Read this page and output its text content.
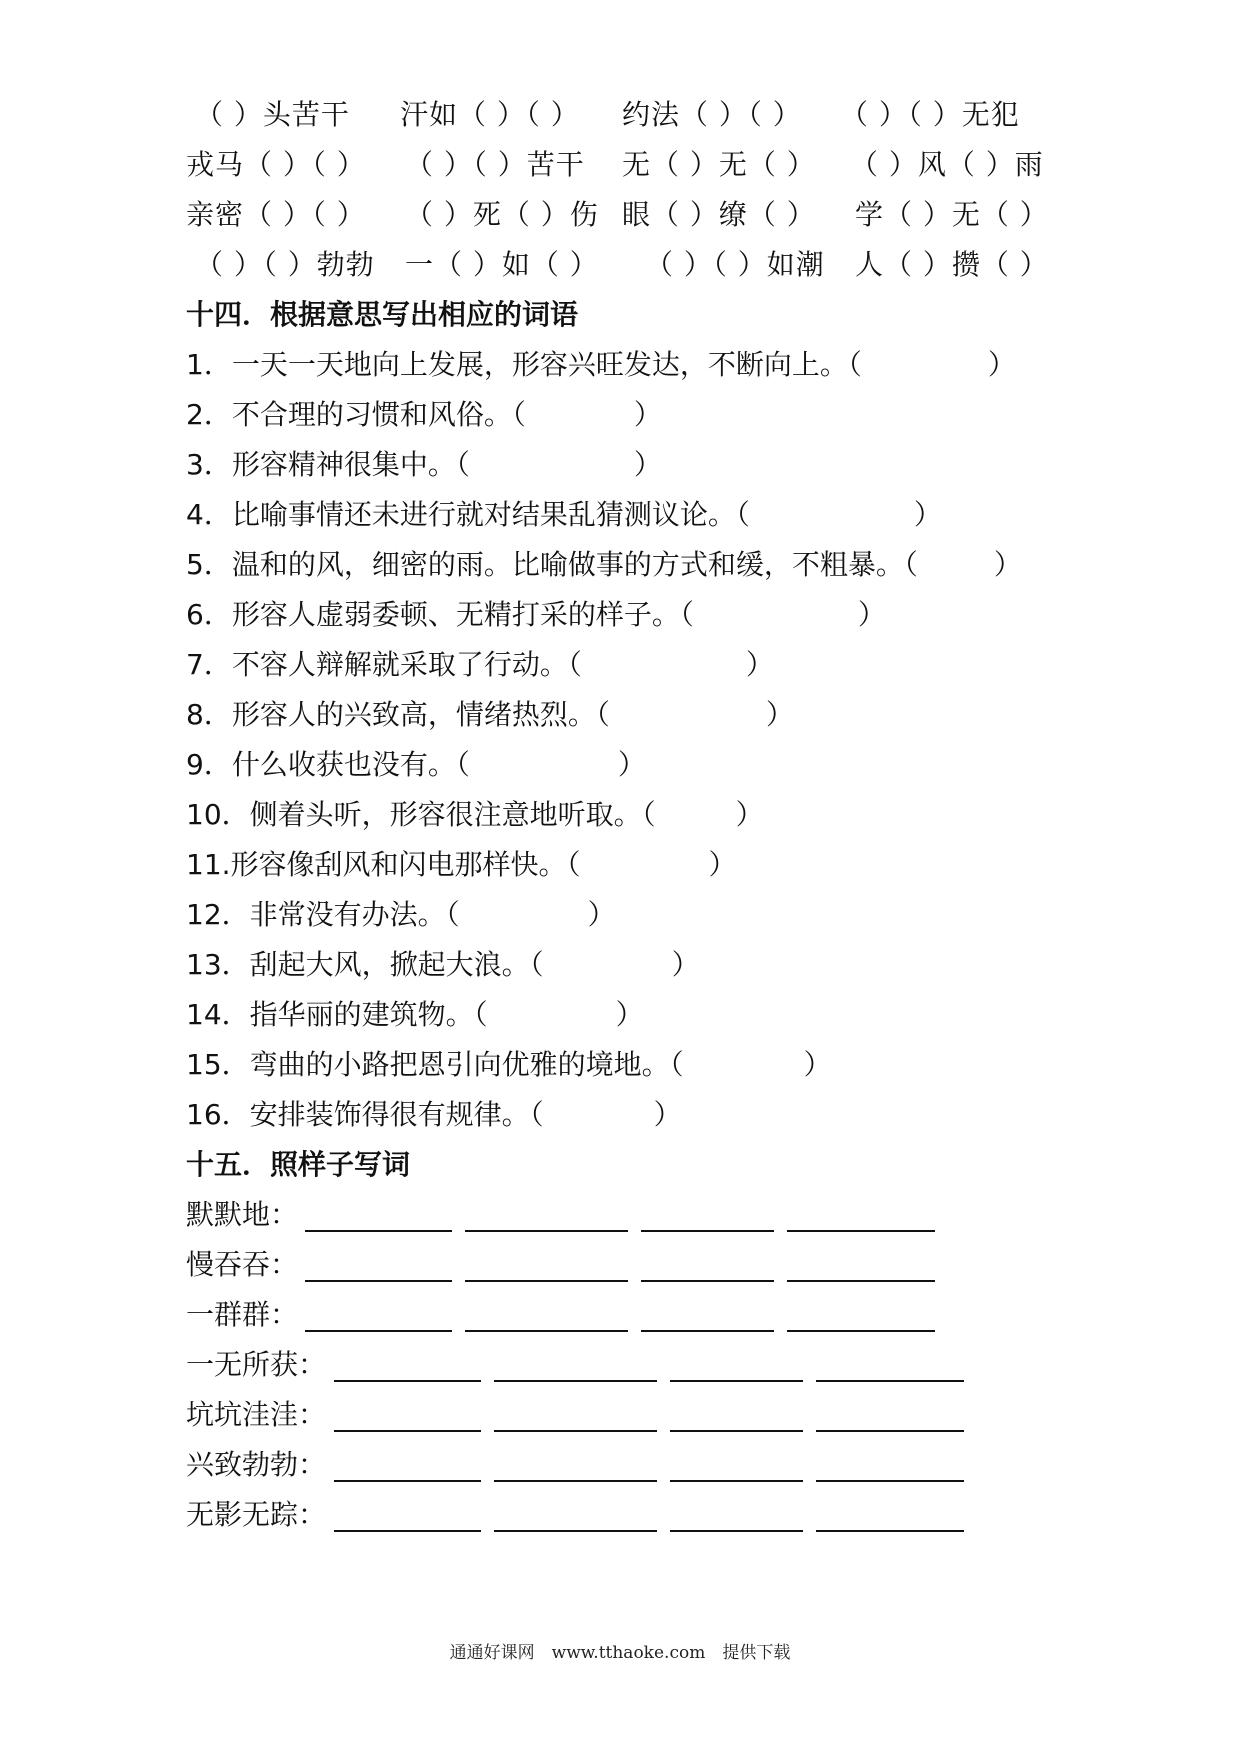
（ ）头苦干 汗如（ ）（ ） 约法（ ）（ ） （ ）（ ）无犯
戎马（ ）（ ） （ ）（ ）苦干 无（ ）无（ ） （ ）风（ ）雨
亲密（ ）（ ） （ ）死（ ）伤 眼（ ）缭（ ） 学（ ）无（ ）
（ ）（ ）勃勃 一（ ）如（ ） （ ）（ ）如潮 人（ ）攒（ ）
十四．根据意思写出相应的词语
1．一天一天地向上发展，形容兴旺发达，不断向上。（	）
2．不合理的习惯和风俗。（	）
3．形容精神很集中。（	）
4．比喻事情还未进行就对结果乱猜测议论。（	）
5．温和的风，细密的雨。比喻做事的方式和缓，不粗暴。（	）
6．形容人虚弱委顿、无精打采的样子。（	）
7．不容人辩解就采取了行动。（	）
8．形容人的兴致高，情绪热烈。（	）
9．什么收获也没有。（	）
10．侧着头听，形容很注意地听取。（	）
11.形容像刮风和闪电那样快。（	）
12．非常没有办法。（	）
13．刮起大风，掀起大浪。（	）
14．指华丽的建筑物。（	）
15．弯曲的小路把恩引向优雅的境地。（	）
16．安排装饰得很有规律。（	）
十五．照样子写词
默默地：
慢吞吞：
一群群：
一无所获：
坑坑洼洼：
兴致勃勃：
无影无踪：
通通好课网　www.tthaoke.com　提供下载
